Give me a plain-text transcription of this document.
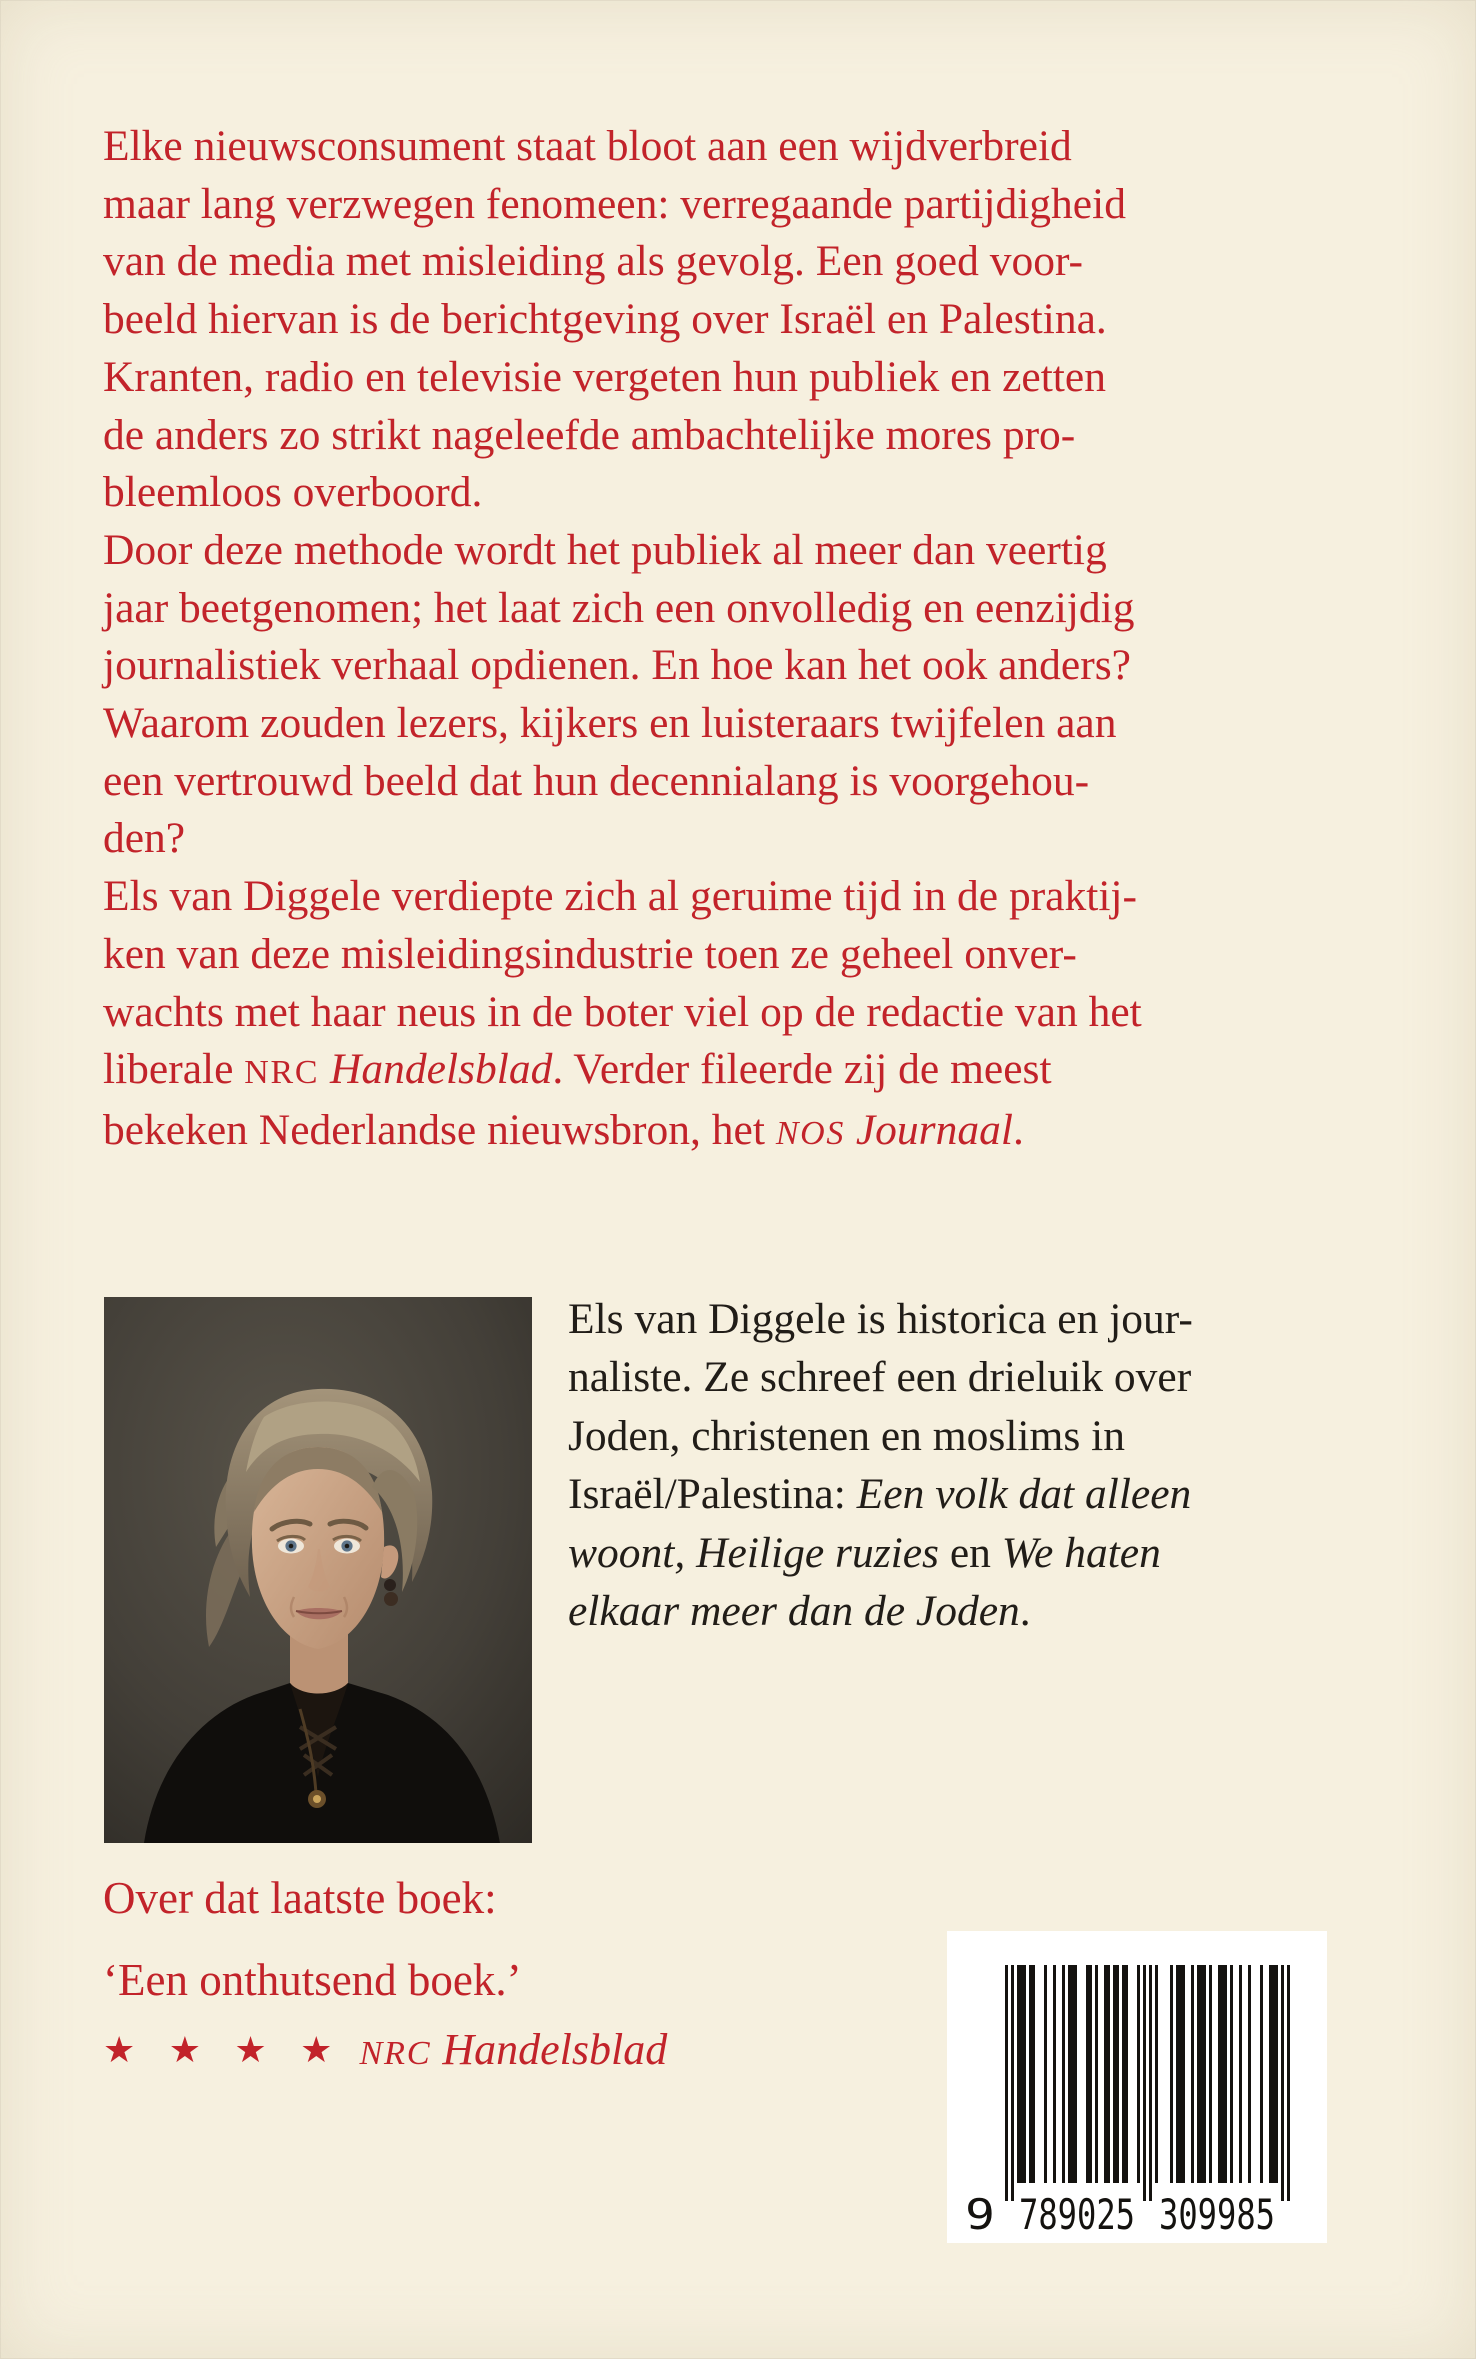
Elke nieuwsconsument staat bloot aan een wijdverbreid
maar lang verzwegen fenomeen: verregaande partijdigheid
van de media met misleiding als gevolg. Een goed voor-
beeld hiervan is de berichtgeving over Israël en Palestina.
Kranten, radio en televisie vergeten hun publiek en zetten
de anders zo strikt nageleefde ambachtelijke mores pro-
bleemloos overboord.
Door deze methode wordt het publiek al meer dan veertig
jaar beetgenomen; het laat zich een onvolledig en eenzijdig
journalistiek verhaal opdienen. En hoe kan het ook anders?
Waarom zouden lezers, kijkers en luisteraars twijfelen aan
een vertrouwd beeld dat hun decennialang is voorgehou-
den?
Els van Diggele verdiepte zich al geruime tijd in de praktij-
ken van deze misleidingsindustrie toen ze geheel onver-
wachts met haar neus in de boter viel op de redactie van het
liberale NRC Handelsblad. Verder fileerde zij de meest
bekeken Nederlandse nieuwsbron, het NOS Journaal.
Els van Diggele is historica en jour-
naliste. Ze schreef een drieluik over
Joden, christenen en moslims in
Israël/Palestina: Een volk dat alleen
woont, Heilige ruzies en We haten
elkaar meer dan de Joden.
Over dat laatste boek:
‘Een onthutsend boek.’
★ ★ ★ ★ NRC Handelsblad
9 789025 309985
